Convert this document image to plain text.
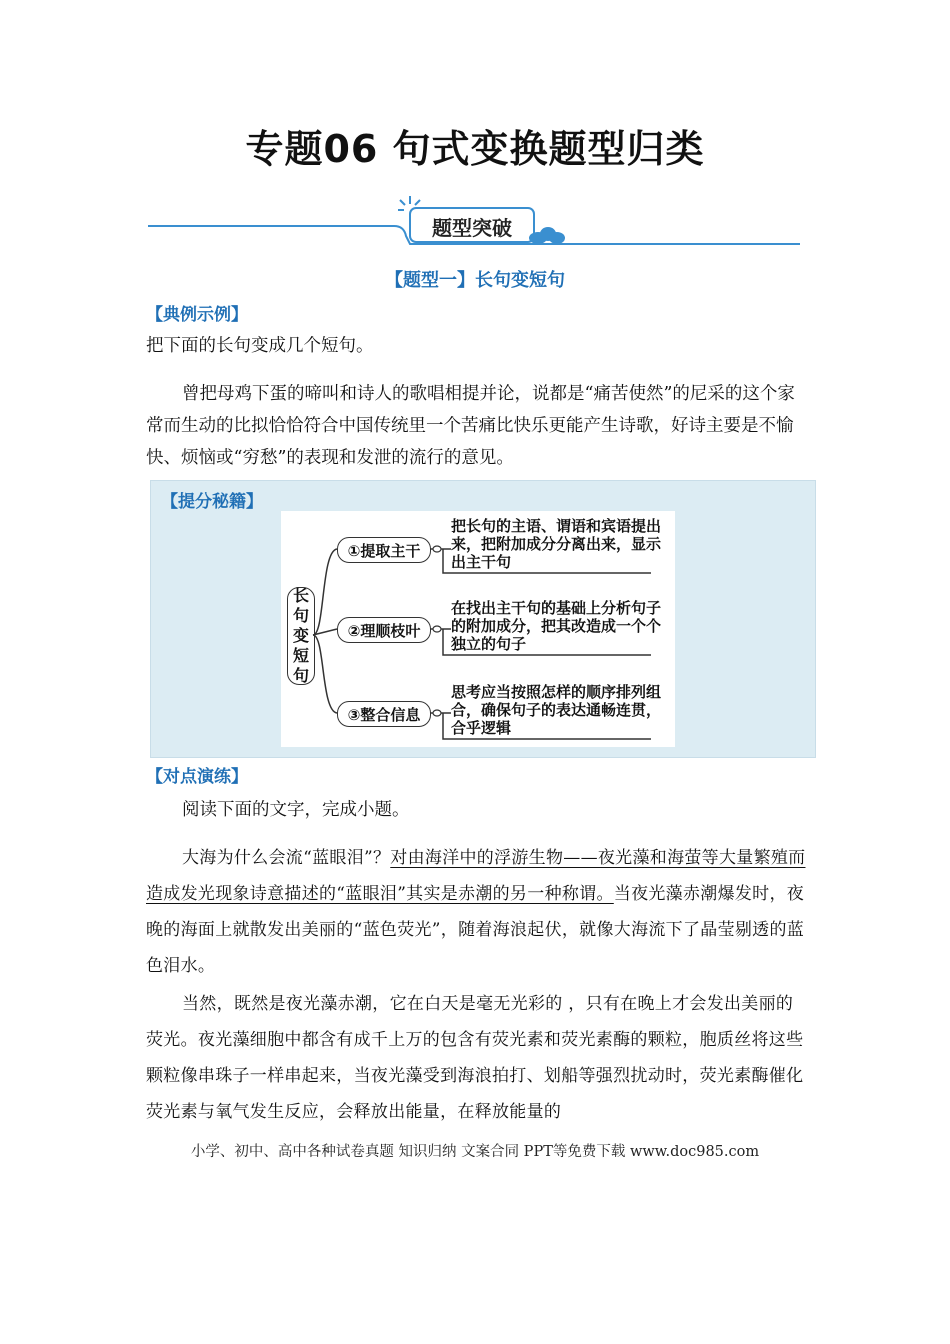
专题06 句式变换题型归类
题型突破
【题型一】长句变短句
【典例示例】

把下面的长句变成几个短句。

曾把母鸡下蛋的啼叫和诗人的歌唱相提并论，说都是“痛苦使然”的尼采的这个家常而生动的比拟恰恰符合中国传统里一个苦痛比快乐更能产生诗歌，好诗主要是不愉快、烦恼或“穷愁”的表现和发泄的流行的意见。

【提分秘籍】
长
句
变
短
句
①提取主干
②理顺枝叶
③整合信息
把长句的主语、谓语和宾语提出来，把附加成分分离出来，显示出主干句
在找出主干句的基础上分析句子的附加成分，把其改造成一个个独立的句子
思考应当按照怎样的顺序排列组合，确保句子的表达通畅连贯，合乎逻辑
【对点演练】

阅读下面的文字，完成小题。

大海为什么会流“蓝眼泪”？对由海洋中的浮游生物——夜光藻和海萤等大量繁殖而造成发光现象诗意描述的“蓝眼泪”其实是赤潮的另一种称谓。当夜光藻赤潮爆发时，夜晚的海面上就散发出美丽的“蓝色荧光”，随着海浪起伏，就像大海流下了晶莹剔透的蓝色泪水。

当然，既然是夜光藻赤潮，它在白天是毫无光彩的 ，只有在晚上才会发出美丽的荧光。夜光藻细胞中都含有成千上万的包含有荧光素和荧光素酶的颗粒，胞质丝将这些颗粒像串珠子一样串起来，当夜光藻受到海浪拍打、划船等强烈扰动时，荧光素酶催化荧光素与氧气发生反应，会释放出能量，在释放能量的

小学、初中、高中各种试卷真题 知识归纳 文案合同 PPT等免费下载 www.doc985.com
